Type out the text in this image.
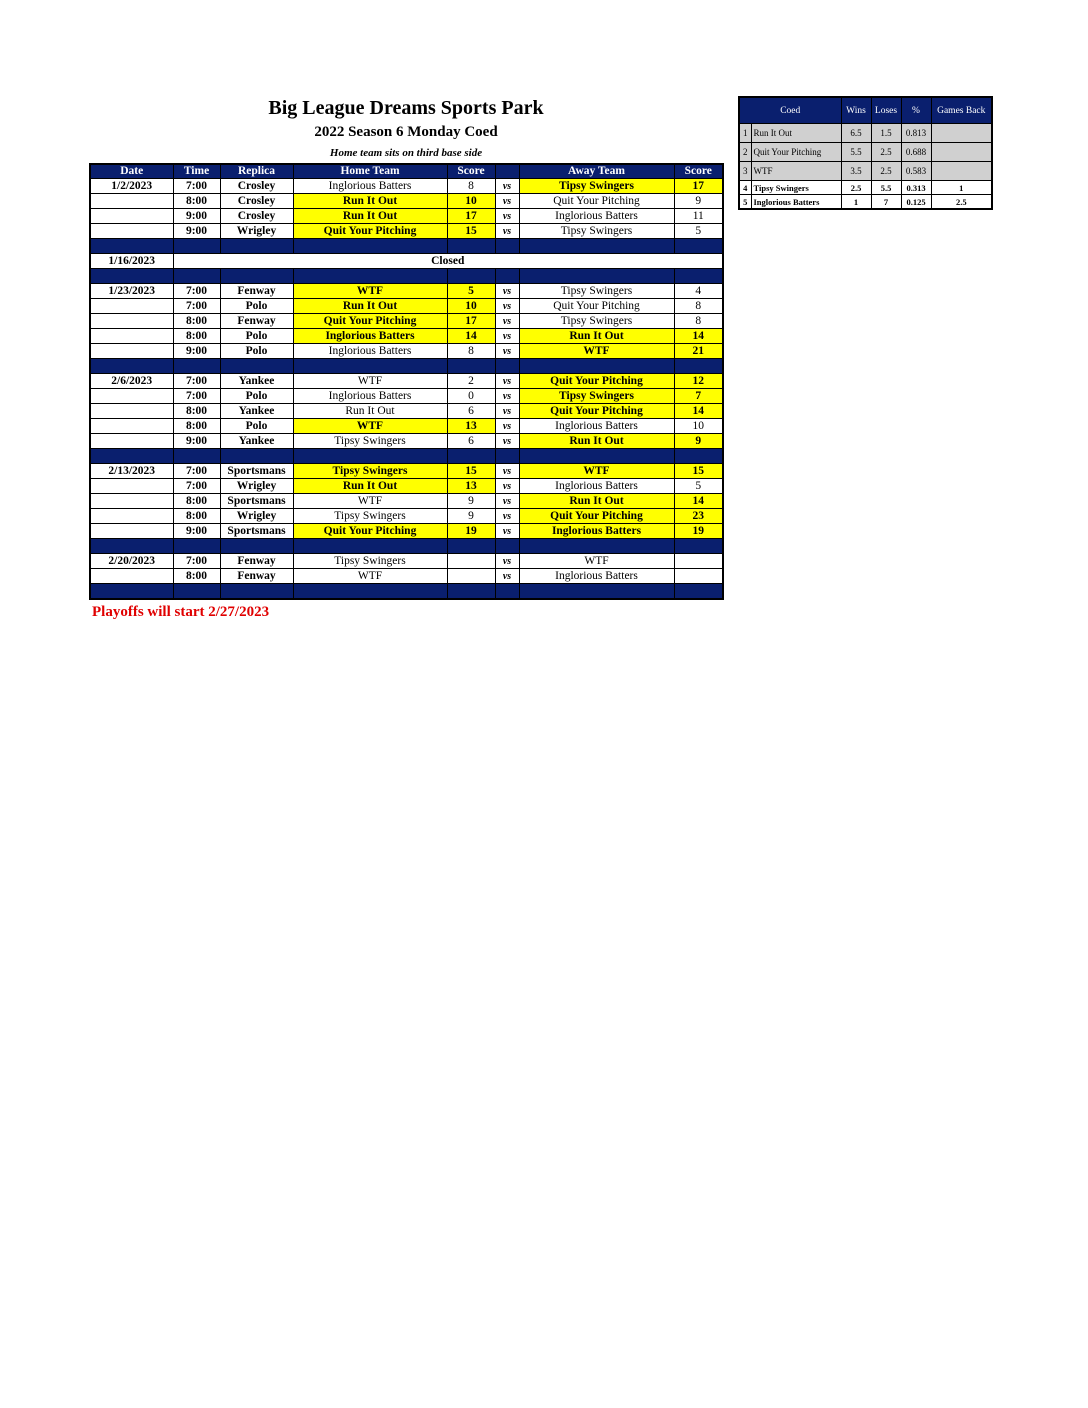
Big League Dreams Sports Park
2022 Season 6 Monday Coed
Home team sits on third base side
Date	Time	Replica	Home Team	Score		Away Team	Score
1/2/2023	7:00	Crosley	Inglorious Batters	8	vs	Tipsy Swingers	17
	8:00	Crosley	Run It Out	10	vs	Quit Your Pitching	9
	9:00	Crosley	Run It Out	17	vs	Inglorious Batters	11
	9:00	Wrigley	Quit Your Pitching	15	vs	Tipsy Swingers	5

1/16/2023	Closed						

1/23/2023	7:00	Fenway	WTF	5	vs	Tipsy Swingers	4
	7:00	Polo	Run It Out	10	vs	Quit Your Pitching	8
	8:00	Fenway	Quit Your Pitching	17	vs	Tipsy Swingers	8
	8:00	Polo	Inglorious Batters	14	vs	Run It Out	14
	9:00	Polo	Inglorious Batters	8	vs	WTF	21

2/6/2023	7:00	Yankee	WTF	2	vs	Quit Your Pitching	12
	7:00	Polo	Inglorious Batters	0	vs	Tipsy Swingers	7
	8:00	Yankee	Run It Out	6	vs	Quit Your Pitching	14
	8:00	Polo	WTF	13	vs	Inglorious Batters	10
	9:00	Yankee	Tipsy Swingers	6	vs	Run It Out	9

2/13/2023	7:00	Sportsmans	Tipsy Swingers	15	vs	WTF	15
	7:00	Wrigley	Run It Out	13	vs	Inglorious Batters	5
	8:00	Sportsmans	WTF	9	vs	Run It Out	14
	8:00	Wrigley	Tipsy Swingers	9	vs	Quit Your Pitching	23
	9:00	Sportsmans	Quit Your Pitching	19	vs	Inglorious Batters	19

2/20/2023	7:00	Fenway	Tipsy Swingers		vs	WTF	
	8:00	Fenway	WTF		vs	Inglorious Batters	

Playoffs will start 2/27/2023
Coed		Wins	Loses	%	Games Back
1	Run It Out	6.5	1.5	0.813	
2	Quit Your Pitching	5.5	2.5	0.688	
3	WTF	3.5	2.5	0.583	
4	Tipsy Swingers	2.5	5.5	0.313	1
5	Inglorious Batters	1	7	0.125	2.5
